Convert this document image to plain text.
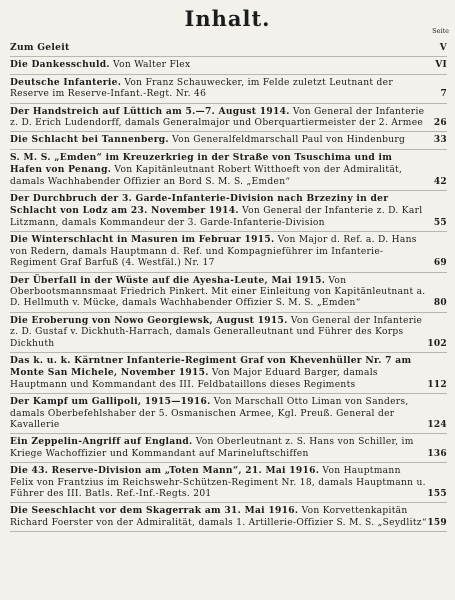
Inhalt.	Seite
Zum Geleit	V
Die Dankesschuld. Von Walter Flex	VI
Deutsche Infanterie. Von Franz Schauwecker, im Felde zuletzt Leutnant der Reserve im Reserve-Infant.-Regt. Nr. 46	7
Der Handstreich auf Lüttich am 5.—7. August 1914. Von General der Infanterie z. D. Erich Ludendorff, damals Generalmajor und Oberquartiermeister der 2. Armee 26
Die Schlacht bei Tannenberg. Von Generalfeldmarschall Paul von Hindenburg	33
S. M. S. „Emden“ im Kreuzerkrieg in der Straße von Tsuschima und im Hafen von Penang. Von Kapitänleutnant Robert Witthoeft von der Admiralität, damals Wachhabender Offizier an Bord S. M. S. „Emden“	42
Der Durchbruch der 3. Garde-Infanterie-Division nach Brzeziny in der Schlacht von Lodz am 23. November 1914. Von General der Infanterie z. D. Karl Litzmann, damals Kommandeur der 3. Garde-Infanterie-Division	55
Die Winterschlacht in Masuren im Februar 1915. Von Major d. Ref. a. D. Hans von Redern, damals Hauptmann d. Ref. und Kompagnieführer im Infanterie-Regiment Graf Barfuß (4. Westfäl.) Nr. 17	69
Der Überfall in der Wüste auf die Ayesha-Leute, Mai 1915. Von Oberbootsmannsmaat Friedrich Pinkert. Mit einer Einleitung von Kapitänleutnant a. D. Hellmuth v. Mücke, damals Wachhabender Offizier S. M. S. „Emden“	80
Die Eroberung von Nowo Georgiewsk, August 1915. Von General der Infanterie z. D. Gustaf v. Dickhuth-Harrach, damals Generalleutnant und Führer des Korps Dickhuth	102
Das k. u. k. Kärntner Infanterie-Regiment Graf von Khevenhüller Nr. 7 am Monte San Michele, November 1915. Von Major Eduard Barger, damals Hauptmann und Kommandant des III. Feldbataillons dieses Regiments	112
Der Kampf um Gallipoli, 1915—1916. Von Marschall Otto Liman von Sanders, damals Oberbefehlshaber der 5. Osmanischen Armee, Kgl. Preuß. General der Kavallerie	124
Ein Zeppelin-Angriff auf England. Von Oberleutnant z. S. Hans von Schiller, im Kriege Wachoffizier und Kommandant auf Marineluftschiffen	136
Die 43. Reserve-Division am „Toten Mann“, 21. Mai 1916. Von Hauptmann Felix von Frantzius im Reichswehr-Schützen-Regiment Nr. 18, damals Hauptmann u. Führer des III. Batls. Ref.-Inf.-Regts. 201	155
Die Seeschlacht vor dem Skagerrak am 31. Mai 1916. Von Korvettenkapitän Richard Foerster von der Admiralität, damals 1. Artillerie-Offizier S. M. S. „Seydlitz“ 159
